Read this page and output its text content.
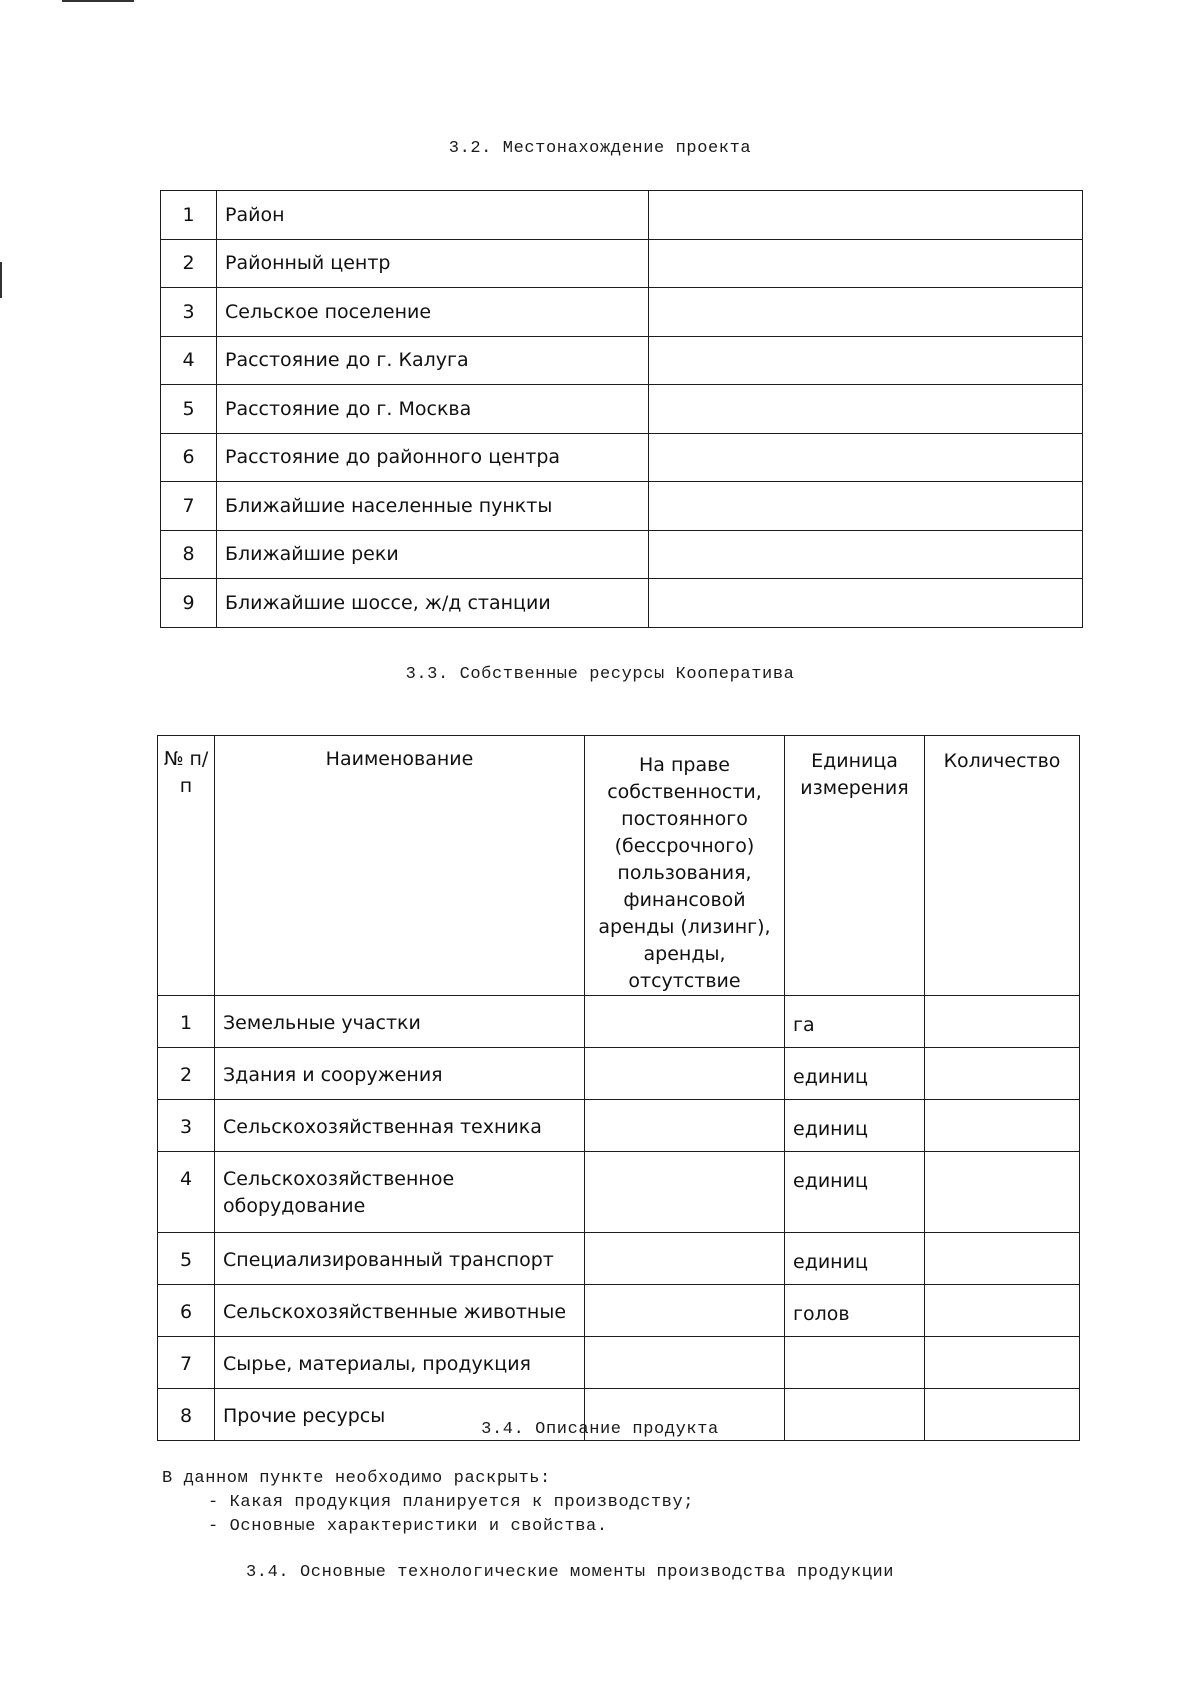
3.2. Местонахождение проекта
1	Район	
2	Районный центр	
3	Сельское поселение	
4	Расстояние до г. Калуга	
5	Расстояние до г. Москва	
6	Расстояние до районного центра	
7	Ближайшие населенные пункты	
8	Ближайшие реки	
9	Ближайшие шоссе, ж/д станции	
3.3. Собственные ресурсы Кооператива
№ п/п	Наименование	На праве собственности, постоянного (бессрочного) пользования, финансовой аренды (лизинг), аренды, отсутствие	Единица измерения	Количество
1	Земельные участки		га	
2	Здания и сооружения		единиц	
3	Сельскохозяйственная техника		единиц	
4	Сельскохозяйственное оборудование		единиц	
5	Специализированный транспорт		единиц	
6	Сельскохозяйственные животные		голов	
7	Сырье, материалы, продукция			
8	Прочие ресурсы			
3.4. Описание продукта
В данном пункте необходимо раскрыть:
- Какая продукция планируется к производству;
- Основные характеристики и свойства.
3.4. Основные технологические моменты производства продукции
